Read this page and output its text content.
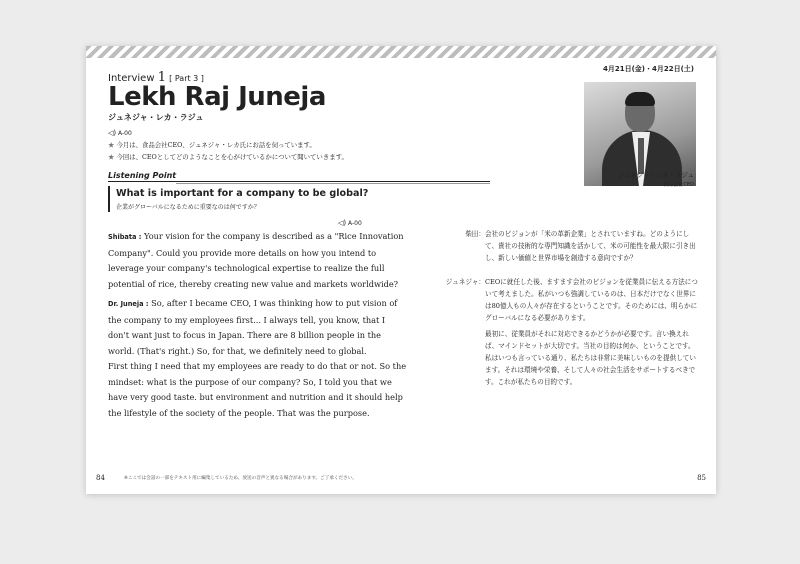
4月21日(金)・4月22日(土)
Interview 1 [ Part 3 ]
Lekh Raj Juneja
ジュネジャ・レカ・ラジュ
◁) A-00
★ 今月は、食品会社CEO、ジュネジャ・レカ氏にお話を伺っています。
★ 今回は、CEOとしてどのようなことを心がけているかについて聞いていきます。
Listening Point
What is important for a company to be global?
企業がグローバルになるために重要なのは何ですか？
ジュネジャ・レカ・ラジュ
食品会社CEO
◁) A-00

Shibata : Your vision for the company is described as a "Rice Innovation Company". Could you provide more details on how you intend to leverage your company's technological expertise to realize the full potential of rice, thereby creating new value and markets worldwide?

Dr. Juneja : So, after I became CEO, I was thinking how to put vision of the company to my employees first... I always tell, you know, that I don't want just to focus in Japan. There are 8 billion people in the world. (That's right.) So, for that, we definitely need to global.

First thing I need that my employees are ready to do that or not. So the mindset: what is the purpose of our company? So, I told you that we have very good taste. but environment and nutrition and it should help the lifestyle of the society of the people. That was the purpose.

柴田： 会社のビジョンが「米の革新企業」とされていますね。どのようにして、貴社の技術的な専門知識を活かして、米の可能性を最大限に引き出し、新しい価値と世界市場を創造する意向ですか？

ジュネジャ： CEOに就任した後、ますます会社のビジョンを従業員に伝える方法について考えました。私がいつも強調しているのは、日本だけでなく世界には80億人もの人々が存在するということです。そのためには、明らかにグローバルになる必要があります。

最初に、従業員がそれに対応できるかどうかが必要です。言い換えれば、マインドセットが大切です。当社の目的は何か、ということです。私はいつも言っている通り、私たちは非常に美味しいものを提供しています。それは環境や栄養、そして人々の社会生活をサポートするべきです。これが私たちの目的です。

84	※ここでは会話の一部をテキスト用に編集しているため、放送の音声と異なる場合があります。ご了承ください。	85
